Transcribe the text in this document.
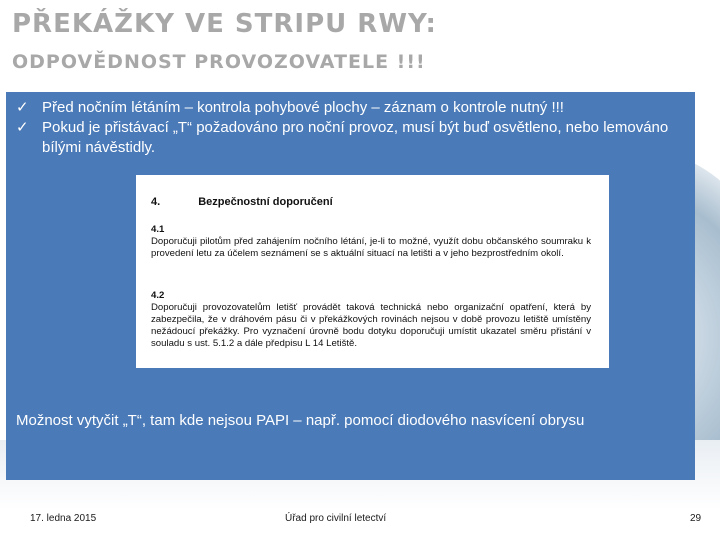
PŘEKÁŽKY VE STRIPU RWY:
ODPOVĚDNOST PROVOZOVATELE !!!
✓ Před nočním létáním – kontrola pohybové plochy – záznam o kontrole nutný !!!
✓ Pokud je přistávací „T“ požadováno pro noční provoz, musí být buď osvětleno, nebo lemováno bílými návěstidly.
4.	Bezpečnostní doporučení
4.1
Doporučuji pilotům před zahájením nočního létání, je-li to možné, využít dobu občanského soumraku k provedení letu za účelem seznámení se s aktuální situací na letišti a v jeho bezprostředním okolí.
4.2
Doporučuji provozovatelům letišť provádět taková technická nebo organizační opatření, která by zabezpečila, že v dráhovém pásu či v překážkových rovinách nejsou v době provozu letiště umístěny nežádoucí překážky. Pro vyznačení úrovně bodu dotyku doporučuji umístit ukazatel směru přistání v souladu s ust. 5.1.2 a dále předpisu L 14 Letiště.
Možnost vytyčit „T“, tam kde nejsou PAPI – např. pomocí diodového nasvícení obrysu
17. ledna 2015	Úřad pro civilní letectví	29
